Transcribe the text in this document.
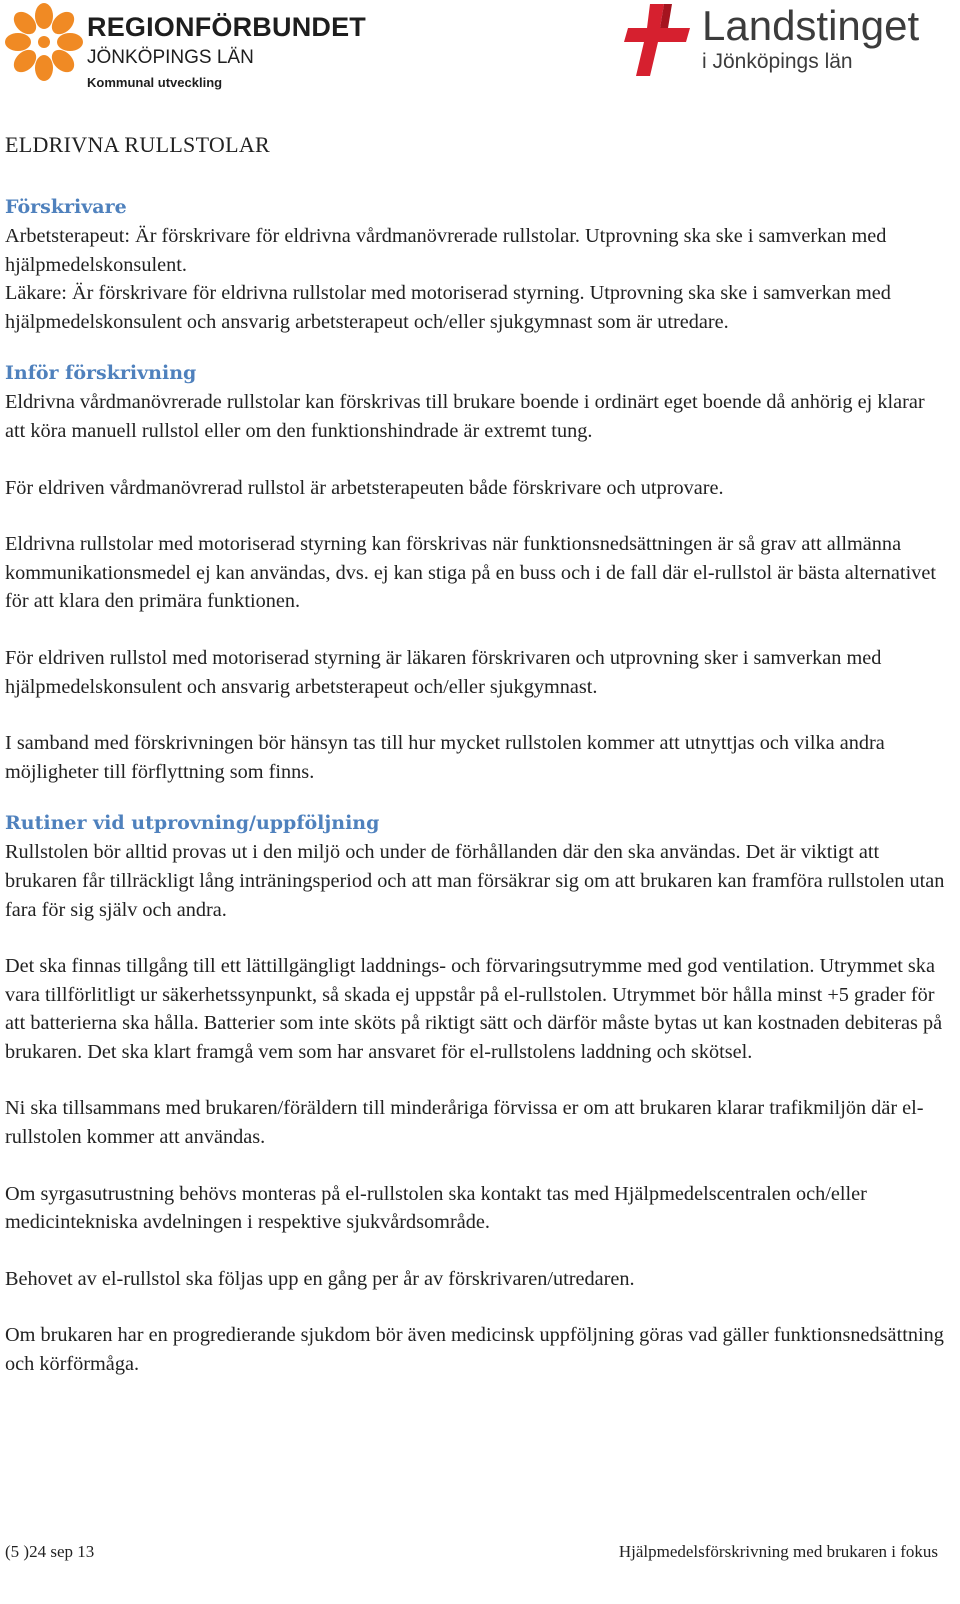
REGIONFÖRBUNDET
JÖNKÖPINGS LÄN
Kommunal utveckling
Landstinget
i Jönköpings län
ELDRIVNA RULLSTOLAR
Förskrivare

Arbetsterapeut: Är förskrivare för eldrivna vårdmanövrerade rullstolar. Utprovning ska ske i samverkan med hjälpmedelskonsulent.

Läkare: Är förskrivare för eldrivna rullstolar med motoriserad styrning. Utprovning ska ske i samverkan med hjälpmedelskonsulent och ansvarig arbetsterapeut och/eller sjukgymnast som är utredare.

Inför förskrivning

Eldrivna vårdmanövrerade rullstolar kan förskrivas till brukare boende i ordinärt eget boende då anhörig ej klarar att köra manuell rullstol eller om den funktionshindrade är extremt tung.

För eldriven vårdmanövrerad rullstol är arbetsterapeuten både förskrivare och utprovare.

Eldrivna rullstolar med motoriserad styrning kan förskrivas när funktionsnedsättningen är så grav att allmänna kommunikationsmedel ej kan användas, dvs. ej kan stiga på en buss och i de fall där el-rullstol är bästa alternativet för att klara den primära funktionen.

För eldriven rullstol med motoriserad styrning är läkaren förskrivaren och utprovning sker i samverkan med hjälpmedelskonsulent och ansvarig arbetsterapeut och/eller sjukgymnast.

I samband med förskrivningen bör hänsyn tas till hur mycket rullstolen kommer att utnyttjas och vilka andra möjligheter till förflyttning som finns.

Rutiner vid utprovning/uppföljning

Rullstolen bör alltid provas ut i den miljö och under de förhållanden där den ska användas. Det är viktigt att brukaren får tillräckligt lång inträningsperiod och att man försäkrar sig om att brukaren kan framföra rullstolen utan fara för sig själv och andra.

Det ska finnas tillgång till ett lättillgängligt laddnings- och förvaringsutrymme med god ventilation. Utrymmet ska vara tillförlitligt ur säkerhetssynpunkt, så skada ej uppstår på el-rullstolen. Utrymmet bör hålla minst +5 grader för att batterierna ska hålla. Batterier som inte sköts på riktigt sätt och därför måste bytas ut kan kostnaden debiteras på brukaren. Det ska klart framgå vem som har ansvaret för el-rullstolens laddning och skötsel.

Ni ska tillsammans med brukaren/föräldern till minderåriga förvissa er om att brukaren klarar trafikmiljön där el-rullstolen kommer att användas.

Om syrgasutrustning behövs monteras på el-rullstolen ska kontakt tas med Hjälpmedelscentralen och/eller medicintekniska avdelningen i respektive sjukvårdsområde.

Behovet av el-rullstol ska följas upp en gång per år av förskrivaren/utredaren.

Om brukaren har en progredierande sjukdom bör även medicinsk uppföljning göras vad gäller funktionsnedsättning och körförmåga.

(5 )24 sep 13	Hjälpmedelsförskrivning med brukaren i fokus
